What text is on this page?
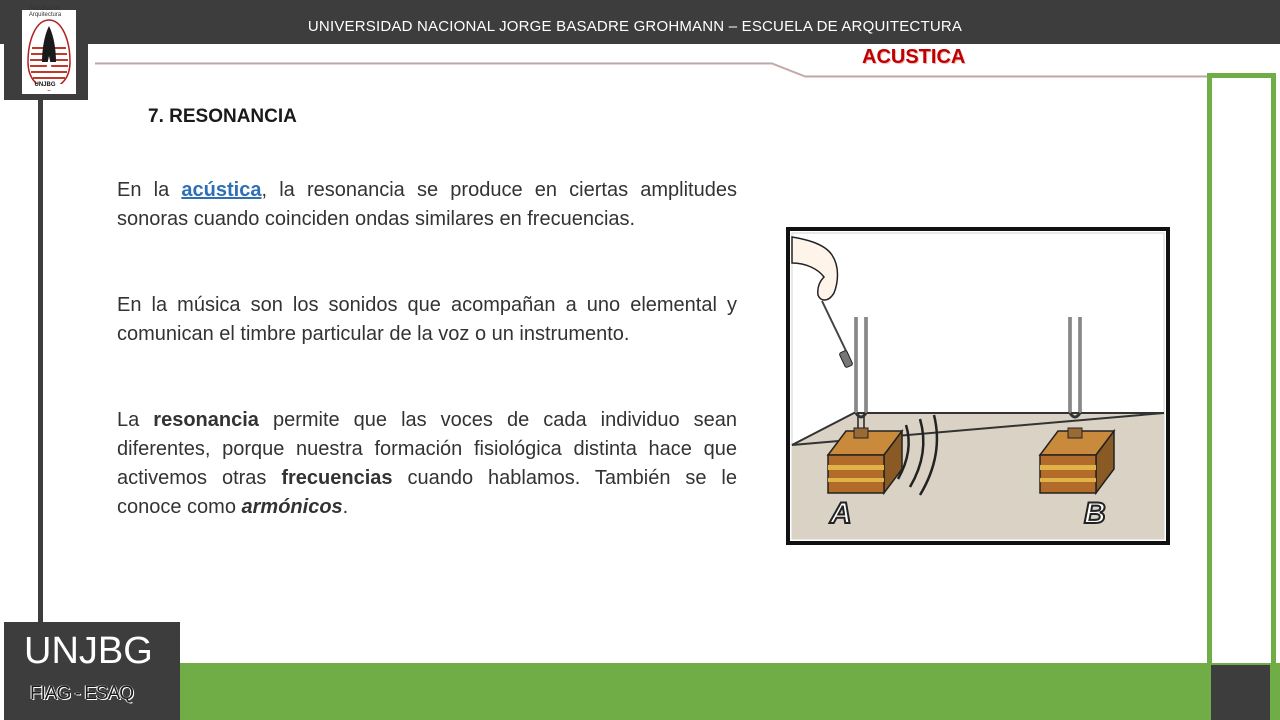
UNIVERSIDAD NACIONAL JORGE BASADRE GROHMANN – ESCUELA DE ARQUITECTURA
ACUSTICA
Facultad de Arquitectura
UNJBG
UNJBG
FIAG - ESAQ
7. RESONANCIA
En la acústica, la resonancia se produce en ciertas amplitudes sonoras cuando coinciden ondas similares en frecuencias.
En la música son los sonidos que acompañan a uno elemental y comunican el timbre particular de la voz o un instrumento.
La resonancia permite que las voces de cada individuo sean diferentes, porque nuestra formación fisiológica distinta hace que activemos otras frecuencias cuando hablamos. También se le conoce como armónicos.	A	B
